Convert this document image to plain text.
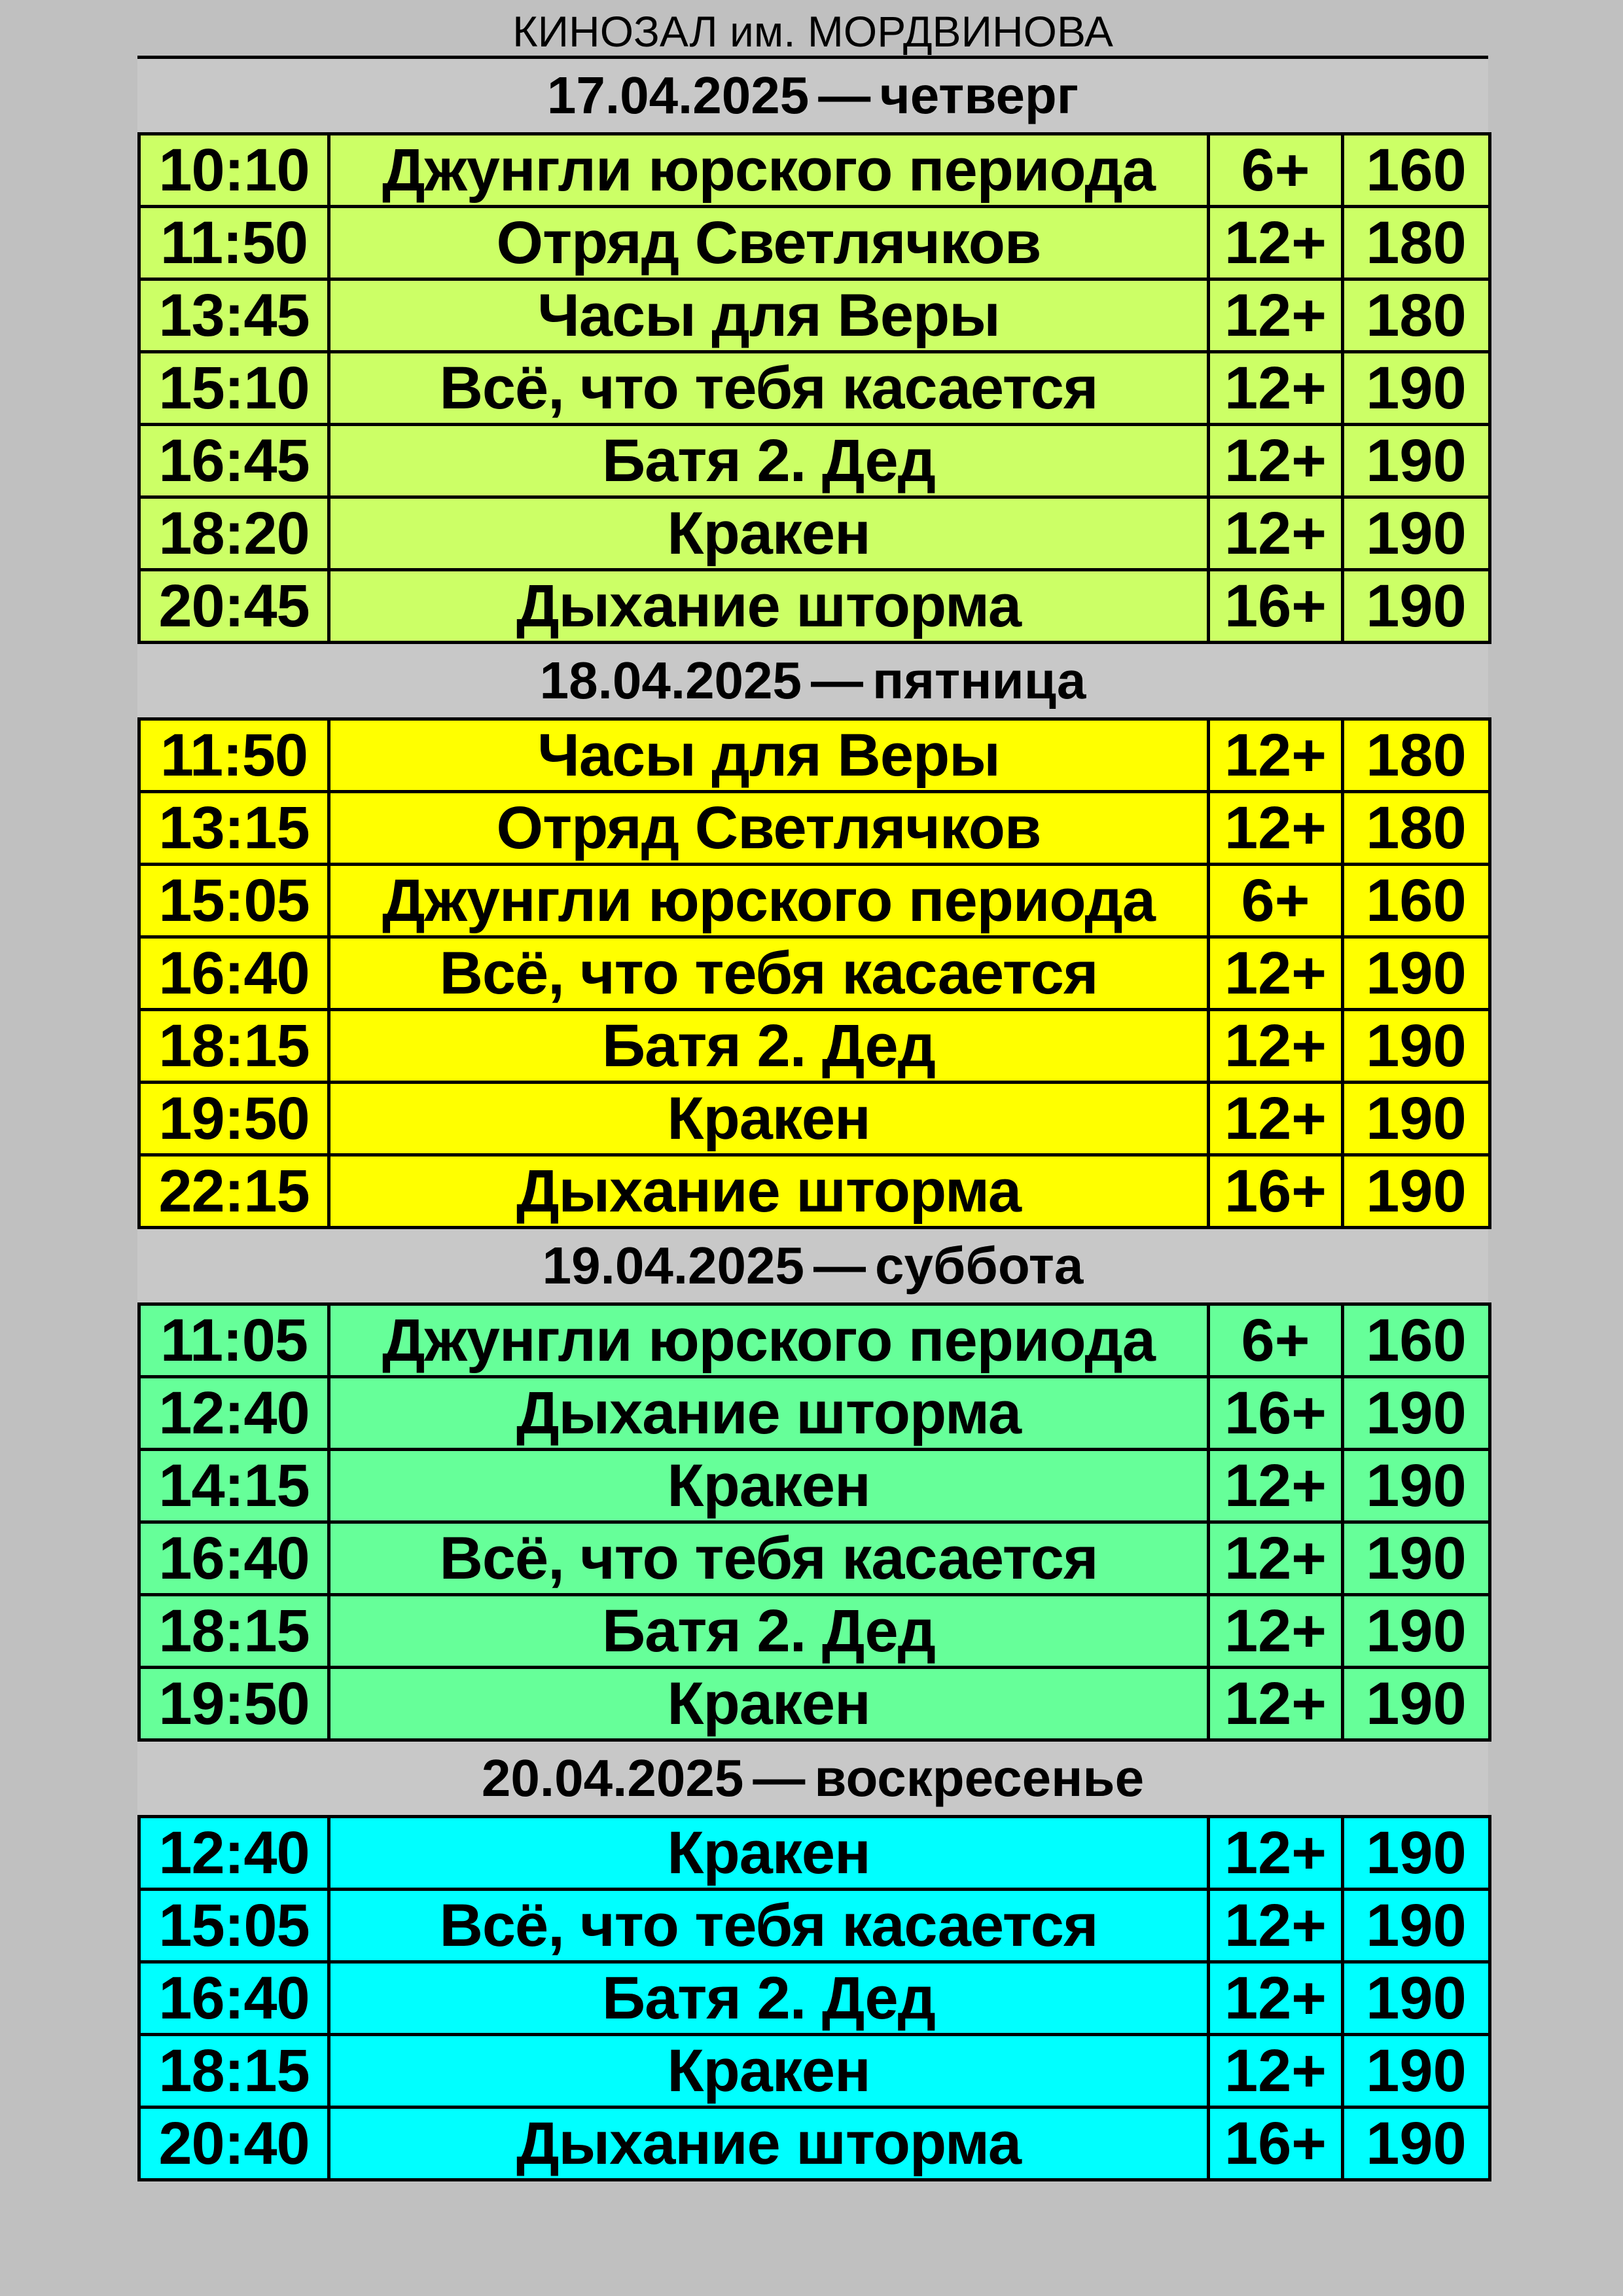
КИНОЗАЛ им. МОРДВИНОВА
17.04.2025 — четверг
10:10	Джунгли юрского периода	6+	160
11:50	Отряд Светлячков	12+	180
13:45	Часы для Веры	12+	180
15:10	Всё, что тебя касается	12+	190
16:45	Батя 2. Дед	12+	190
18:20	Кракен	12+	190
20:45	Дыхание шторма	16+	190
18.04.2025 — пятница
11:50	Часы для Веры	12+	180
13:15	Отряд Светлячков	12+	180
15:05	Джунгли юрского периода	6+	160
16:40	Всё, что тебя касается	12+	190
18:15	Батя 2. Дед	12+	190
19:50	Кракен	12+	190
22:15	Дыхание шторма	16+	190
19.04.2025 — суббота
11:05	Джунгли юрского периода	6+	160
12:40	Дыхание шторма	16+	190
14:15	Кракен	12+	190
16:40	Всё, что тебя касается	12+	190
18:15	Батя 2. Дед	12+	190
19:50	Кракен	12+	190
20.04.2025 — воскресенье
12:40	Кракен	12+	190
15:05	Всё, что тебя касается	12+	190
16:40	Батя 2. Дед	12+	190
18:15	Кракен	12+	190
20:40	Дыхание шторма	16+	190
